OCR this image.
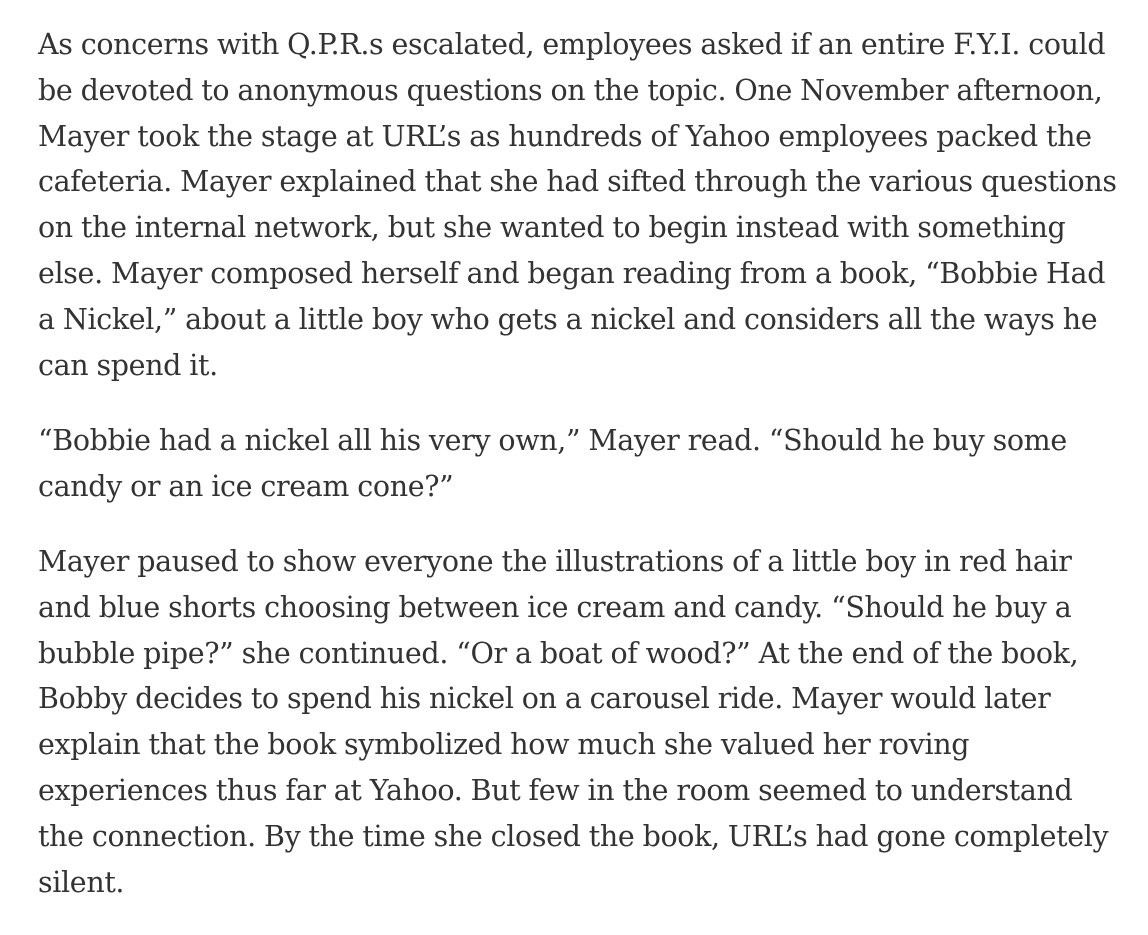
As concerns with Q.P.R.s escalated, employees asked if an entire F.Y.I. could be devoted to anonymous questions on the topic. One November afternoon, Mayer took the stage at URL’s as hundreds of Yahoo employees packed the cafeteria. Mayer explained that she had sifted through the various questions on the internal network, but she wanted to begin instead with something else. Mayer composed herself and began reading from a book, “Bobbie Had a Nickel,” about a little boy who gets a nickel and considers all the ways he can spend it.

“Bobbie had a nickel all his very own,” Mayer read. “Should he buy some candy or an ice cream cone?”

Mayer paused to show everyone the illustrations of a little boy in red hair and blue shorts choosing between ice cream and candy. “Should he buy a bubble pipe?” she continued. “Or a boat of wood?” At the end of the book, Bobby decides to spend his nickel on a carousel ride. Mayer would later explain that the book symbolized how much she valued her roving experiences thus far at Yahoo. But few in the room seemed to understand the connection. By the time she closed the book, URL’s had gone completely silent.
